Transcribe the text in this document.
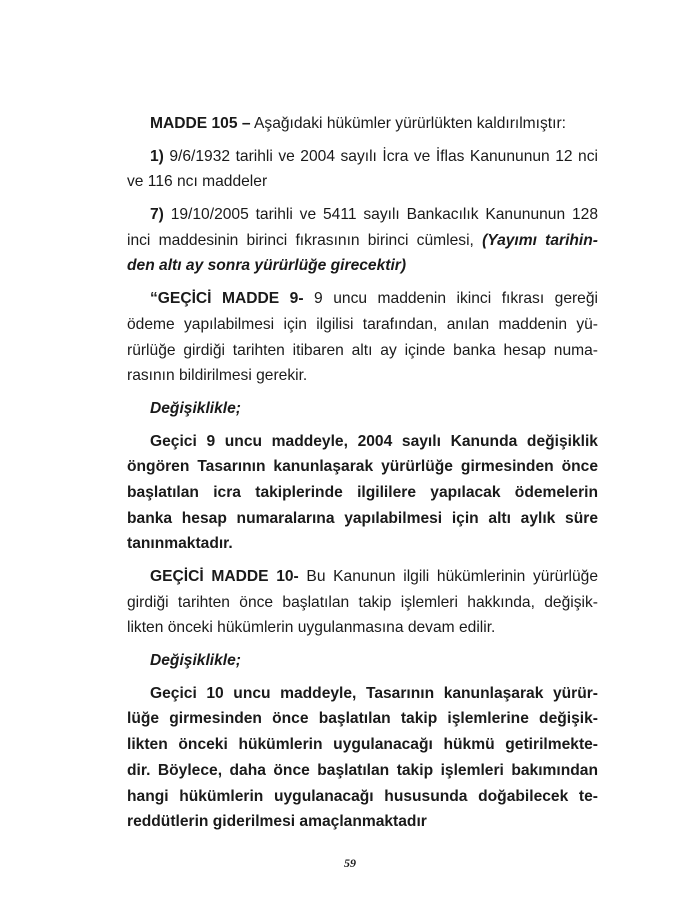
MADDE 105 – Aşağıdaki hükümler yürürlükten kaldırılmıştır:
1) 9/6/1932 tarihli ve 2004 sayılı İcra ve İflas Kanununun 12 nci
ve 116 ncı maddeler
7) 19/10/2005 tarihli ve 5411 sayılı Bankacılık Kanununun 128
inci maddesinin birinci fıkrasının birinci cümlesi, (Yayımı tarihin-
den altı ay sonra yürürlüğe girecektir)
“GEÇİCİ MADDE 9- 9 uncu maddenin ikinci fıkrası gereği
ödeme yapılabilmesi için ilgilisi tarafından, anılan maddenin yü-
rürlüğe girdiği tarihten itibaren altı ay içinde banka hesap numa-
rasının bildirilmesi gerekir.
Değişiklikle;
Geçici 9 uncu maddeyle, 2004 sayılı Kanunda değişiklik
öngören Tasarının kanunlaşarak yürürlüğe girmesinden önce
başlatılan icra takiplerinde ilgililere yapılacak ödemelerin
banka hesap numaralarına yapılabilmesi için altı aylık süre
tanınmaktadır.
GEÇİCİ MADDE 10- Bu Kanunun ilgili hükümlerinin yürürlüğe
girdiği tarihten önce başlatılan takip işlemleri hakkında, değişik-
likten önceki hükümlerin uygulanmasına devam edilir.
Değişiklikle;
Geçici 10 uncu maddeyle, Tasarının kanunlaşarak yürür-
lüğe girmesinden önce başlatılan takip işlemlerine değişik-
likten önceki hükümlerin uygulanacağı hükmü getirilmekte-
dir. Böylece, daha önce başlatılan takip işlemleri bakımından
hangi hükümlerin uygulanacağı hususunda doğabilecek te-
reddütlerin giderilmesi amaçlanmaktadır
59
